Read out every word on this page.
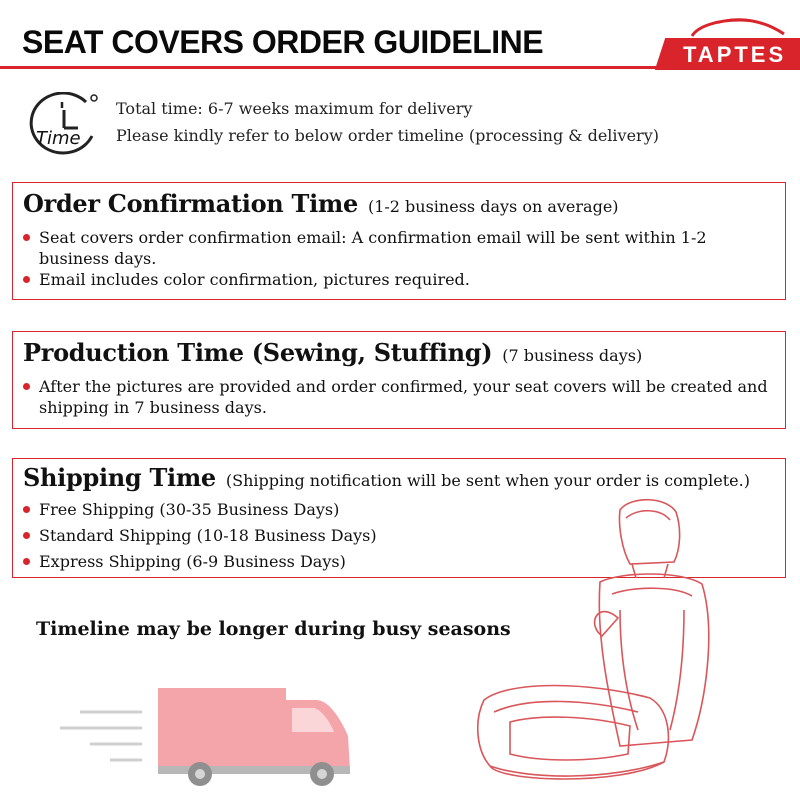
SEAT COVERS ORDER GUIDELINE	TAPTES
Time
Total time: 6-7 weeks maximum for delivery
Please kindly refer to below order timeline (processing & delivery)
Order Confirmation Time (1-2 business days on average)
Seat covers order confirmation email: A confirmation email will be sent within 1-2 business days.
Email includes color confirmation, pictures required.
Production Time (Sewing, Stuffing) (7 business days)
After the pictures are provided and order confirmed, your seat covers will be created and shipping in 7 business days.
Shipping Time (Shipping notification will be sent when your order is complete.)
Free Shipping (30-35 Business Days)
Standard Shipping (10-18 Business Days)
Express Shipping (6-9 Business Days)
Timeline may be longer during busy seasons
